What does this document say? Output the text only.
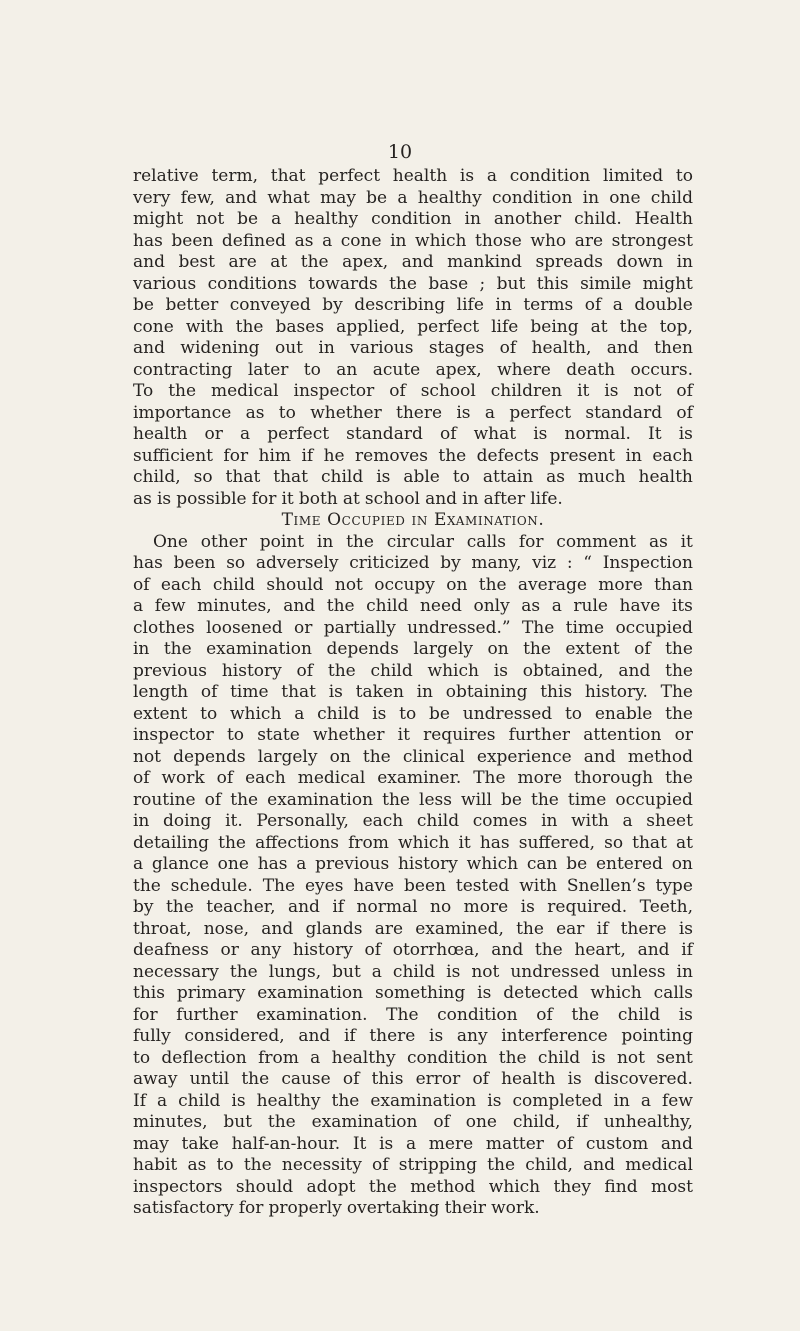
10
relative term, that perfect health is a condition limited to
very few, and what may be a healthy condition in one child
might not be a healthy condition in another child. Health
has been defined as a cone in which those who are strongest
and best are at the apex, and mankind spreads down in
various conditions towards the base ; but this simile might
be better conveyed by describing life in terms of a double
cone with the bases applied, perfect life being at the top,
and widening out in various stages of health, and then
contracting later to an acute apex, where death occurs.
To the medical inspector of school children it is not of
importance as to whether there is a perfect standard of
health or a perfect standard of what is normal. It is
sufficient for him if he removes the defects present in each
child, so that that child is able to attain as much health
as is possible for it both at school and in after life.
Time Occupied in Examination.
One other point in the circular calls for comment as it
has been so adversely criticized by many, viz : “ Inspection
of each child should not occupy on the average more than
a few minutes, and the child need only as a rule have its
clothes loosened or partially undressed.” The time occupied
in the examination depends largely on the extent of the
previous history of the child which is obtained, and the
length of time that is taken in obtaining this history. The
extent to which a child is to be undressed to enable the
inspector to state whether it requires further attention or
not depends largely on the clinical experience and method
of work of each medical examiner. The more thorough the
routine of the examination the less will be the time occupied
in doing it. Personally, each child comes in with a sheet
detailing the affections from which it has suffered, so that at
a glance one has a previous history which can be entered on
the schedule. The eyes have been tested with Snellen’s type
by the teacher, and if normal no more is required. Teeth,
throat, nose, and glands are examined, the ear if there is
deafness or any history of otorrhœa, and the heart, and if
necessary the lungs, but a child is not undressed unless in
this primary examination something is detected which calls
for further examination. The condition of the child is
fully considered, and if there is any interference pointing
to deflection from a healthy condition the child is not sent
away until the cause of this error of health is discovered.
If a child is healthy the examination is completed in a few
minutes, but the examination of one child, if unhealthy,
may take half-an-hour. It is a mere matter of custom and
habit as to the necessity of stripping the child, and medical
inspectors should adopt the method which they find most
satisfactory for properly overtaking their work.
